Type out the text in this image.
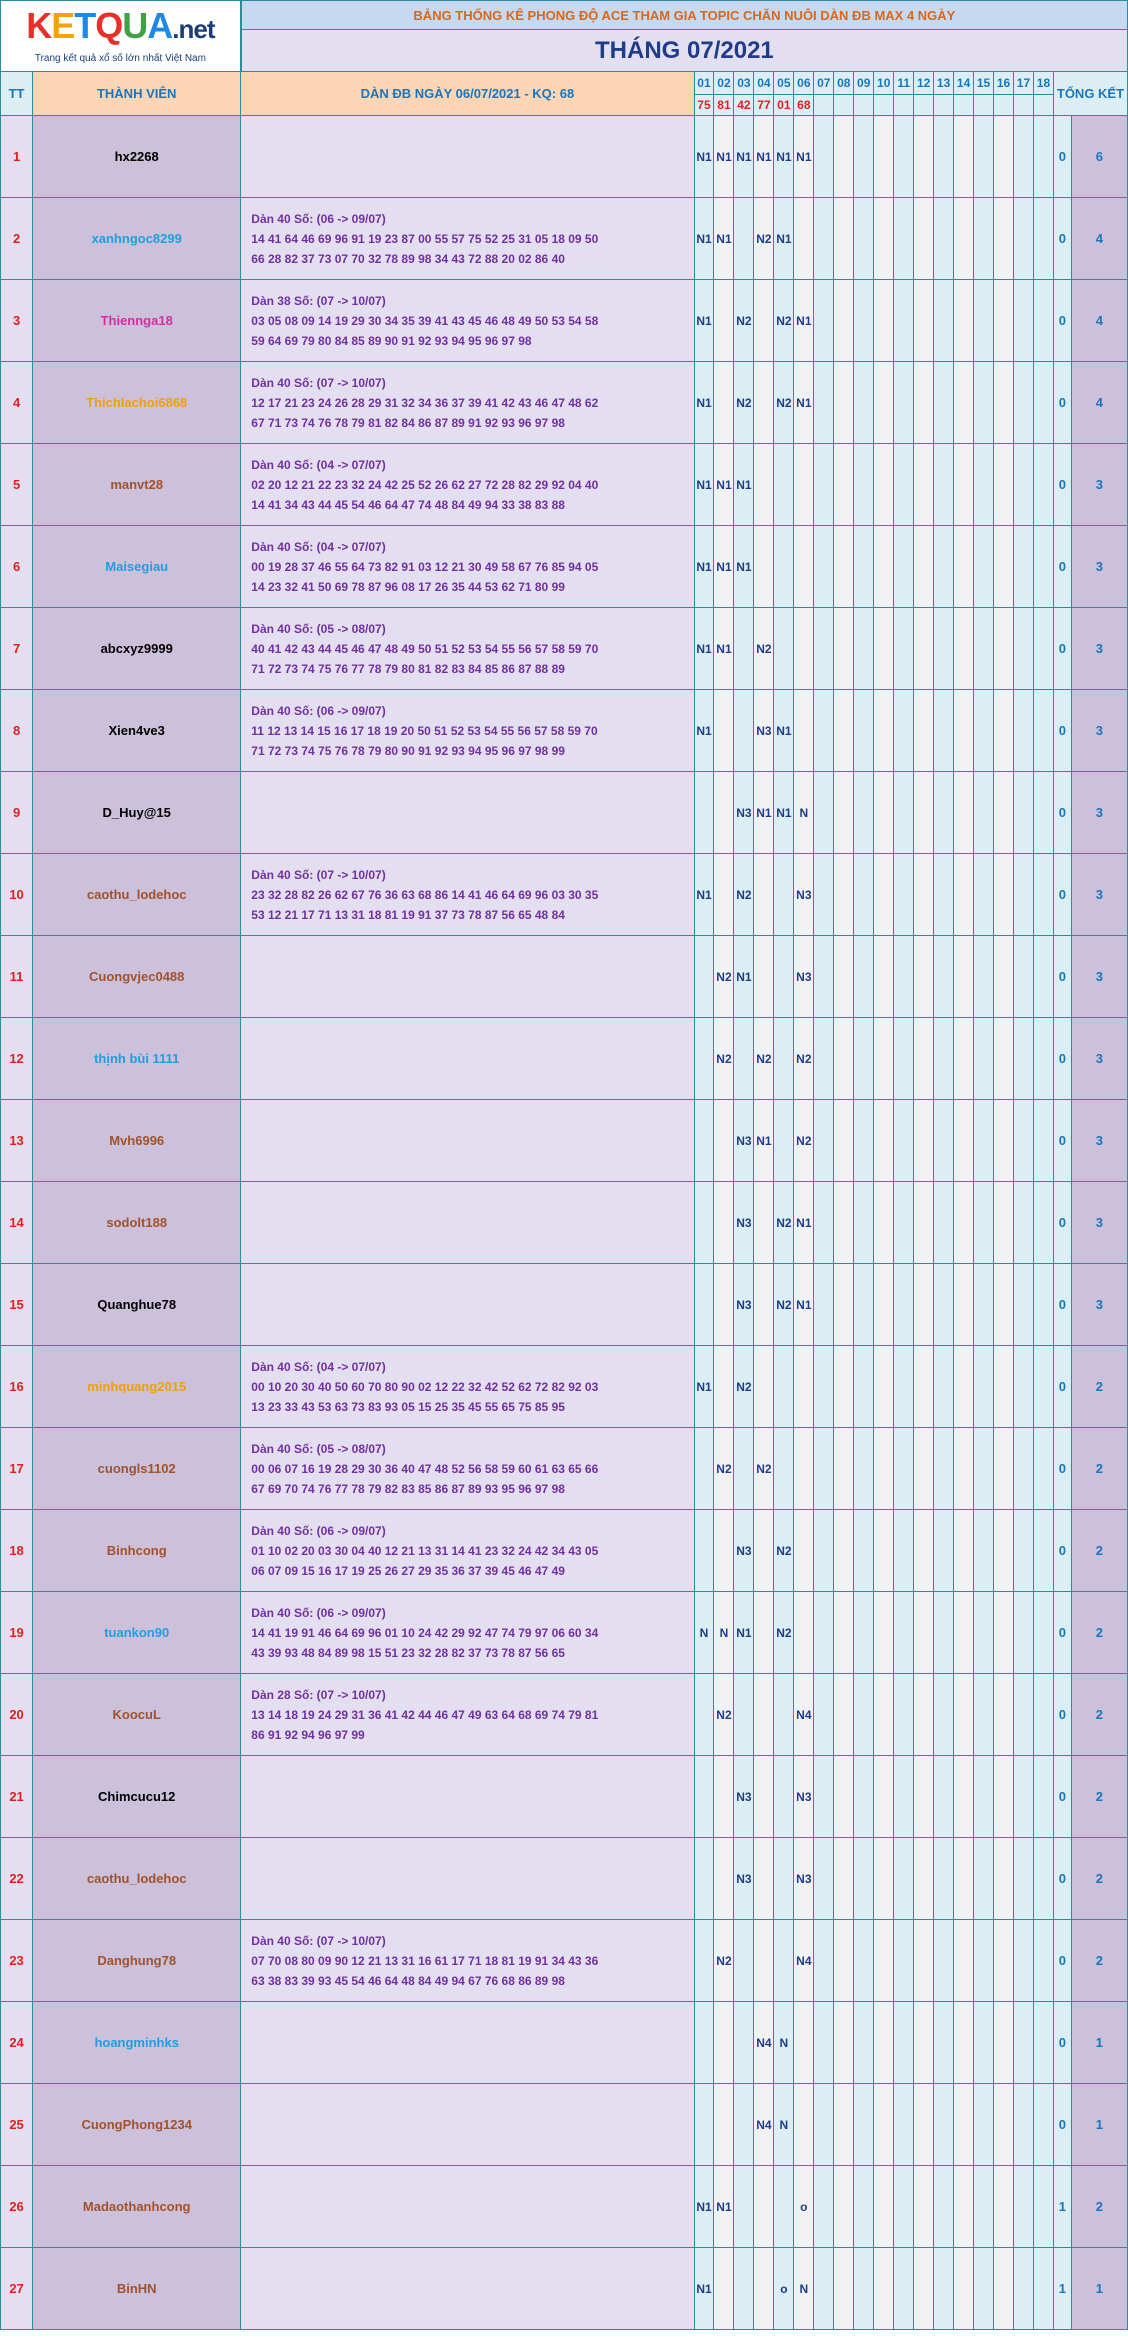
KETQUA.net
Trang kết quả xổ số lớn nhất Việt Nam		BẢNG THỐNG KÊ PHONG ĐỘ ACE THAM GIA TOPIC CHĂN NUÔI DÀN ĐB MAX 4 NGÀY																				
		THÁNG 07/2021																				
TT	THÀNH VIÊN	DÀN ĐB NGÀY 06/07/2021 - KQ: 68	01	02	03	04	05	06	07	08	09	10	11	12	13	14	15	16	17	18	TỔNG KẾT	
			75	81	42	77	01	68														
1	hx2268		N1	N1	N1	N1	N1	N1													0	6
2	xanhngoc8299	Dàn 40 Số: (06 -> 09/07)
14 41 64 46 69 96 91 19 23 87 00 55 57 75 52 25 31 05 18 09 50
66 28 82 37 73 07 70 32 78 89 98 34 43 72 88 20 02 86 40	N1	N1		N2	N1														0	4
3	Thiennga18	Dàn 38 Số: (07 -> 10/07)
03 05 08 09 14 19 29 30 34 35 39 41 43 45 46 48 49 50 53 54 58
59 64 69 79 80 84 85 89 90 91 92 93 94 95 96 97 98	N1		N2		N2	N1													0	4
4	Thichlachoi6868	Dàn 40 Số: (07 -> 10/07)
12 17 21 23 24 26 28 29 31 32 34 36 37 39 41 42 43 46 47 48 62
67 71 73 74 76 78 79 81 82 84 86 87 89 91 92 93 96 97 98	N1		N2		N2	N1													0	4
5	manvt28	Dàn 40 Số: (04 -> 07/07)
02 20 12 21 22 23 32 24 42 25 52 26 62 27 72 28 82 29 92 04 40
14 41 34 43 44 45 54 46 64 47 74 48 84 49 94 33 38 83 88	N1	N1	N1																0	3
6	Maisegiau	Dàn 40 Số: (04 -> 07/07)
00 19 28 37 46 55 64 73 82 91 03 12 21 30 49 58 67 76 85 94 05
14 23 32 41 50 69 78 87 96 08 17 26 35 44 53 62 71 80 99	N1	N1	N1																0	3
7	abcxyz9999	Dàn 40 Số: (05 -> 08/07)
40 41 42 43 44 45 46 47 48 49 50 51 52 53 54 55 56 57 58 59 70
71 72 73 74 75 76 77 78 79 80 81 82 83 84 85 86 87 88 89	N1	N1		N2															0	3
8	Xien4ve3	Dàn 40 Số: (06 -> 09/07)
11 12 13 14 15 16 17 18 19 20 50 51 52 53 54 55 56 57 58 59 70
71 72 73 74 75 76 78 79 80 90 91 92 93 94 95 96 97 98 99	N1			N3	N1														0	3
9	D_Huy@15				N3	N1	N1	N													0	3
10	caothu_lodehoc	Dàn 40 Số: (07 -> 10/07)
23 32 28 82 26 62 67 76 36 63 68 86 14 41 46 64 69 96 03 30 35
53 12 21 17 71 13 31 18 81 19 91 37 73 78 87 56 65 48 84	N1		N2			N3													0	3
11	Cuongvjec0488			N2	N1			N3													0	3
12	thịnh bùi 1111			N2		N2		N2													0	3
13	Mvh6996				N3	N1		N2													0	3
14	sodolt188				N3		N2	N1													0	3
15	Quanghue78				N3		N2	N1													0	3
16	minhquang2015	Dàn 40 Số: (04 -> 07/07)
00 10 20 30 40 50 60 70 80 90 02 12 22 32 42 52 62 72 82 92 03
13 23 33 43 53 63 73 83 93 05 15 25 35 45 55 65 75 85 95	N1		N2																0	2
17	cuongls1102	Dàn 40 Số: (05 -> 08/07)
00 06 07 16 19 28 29 30 36 40 47 48 52 56 58 59 60 61 63 65 66
67 69 70 74 76 77 78 79 82 83 85 86 87 89 93 95 96 97 98		N2		N2															0	2
18	Binhcong	Dàn 40 Số: (06 -> 09/07)
01 10 02 20 03 30 04 40 12 21 13 31 14 41 23 32 24 42 34 43 05
06 07 09 15 16 17 19 25 26 27 29 35 36 37 39 45 46 47 49			N3		N2														0	2
19	tuankon90	Dàn 40 Số: (06 -> 09/07)
14 41 19 91 46 64 69 96 01 10 24 42 29 92 47 74 79 97 06 60 34
43 39 93 48 84 89 98 15 51 23 32 28 82 37 73 78 87 56 65	N	N	N1		N2														0	2
20	KoocuL	Dàn 28 Số: (07 -> 10/07)
13 14 18 19 24 29 31 36 41 42 44 46 47 49 63 64 68 69 74 79 81
86 91 92 94 96 97 99		N2				N4													0	2
21	Chimcucu12				N3			N3													0	2
22	caothu_lodehoc				N3			N3													0	2
23	Danghung78	Dàn 40 Số: (07 -> 10/07)
07 70 08 80 09 90 12 21 13 31 16 61 17 71 18 81 19 91 34 43 36
63 38 83 39 93 45 54 46 64 48 84 49 94 67 76 68 86 89 98		N2				N4													0	2
24	hoangminhks					N4	N														0	1
25	CuongPhong1234					N4	N														0	1
26	Madaothanhcong		N1	N1				o													1	2
27	BinHN		N1				o	N													1	1
